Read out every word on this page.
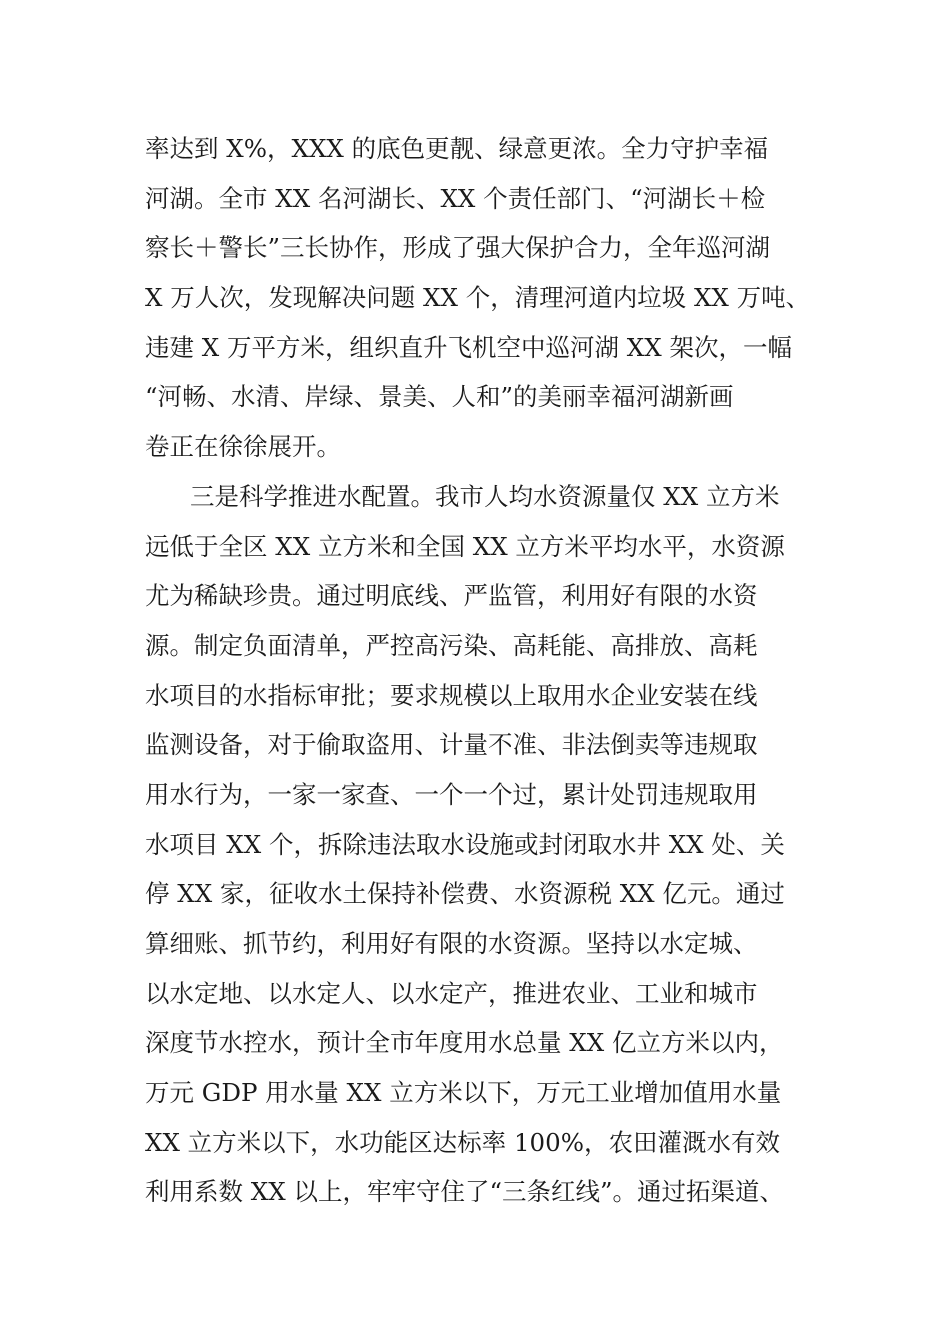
率达到 X%，XXX 的底色更靓、绿意更浓。全力守护幸福
河湖。全市 XX 名河湖长、XX 个责任部门、“河湖长＋检
察长＋警长”三长协作，形成了强大保护合力，全年巡河湖
X 万人次，发现解决问题 XX 个，清理河道内垃圾 XX 万吨、
违建 X 万平方米，组织直升飞机空中巡河湖 XX 架次，一幅
“河畅、水清、岸绿、景美、人和”的美丽幸福河湖新画
卷正在徐徐展开。
三是科学推进水配置。我市人均水资源量仅 XX 立方米
远低于全区 XX 立方米和全国 XX 立方米平均水平，水资源
尤为稀缺珍贵。通过明底线、严监管，利用好有限的水资
源。制定负面清单，严控高污染、高耗能、高排放、高耗
水项目的水指标审批；要求规模以上取用水企业安装在线
监测设备，对于偷取盗用、计量不准、非法倒卖等违规取
用水行为，一家一家查、一个一个过，累计处罚违规取用
水项目 XX 个，拆除违法取水设施或封闭取水井 XX 处、关
停 XX 家，征收水土保持补偿费、水资源税 XX 亿元。通过
算细账、抓节约，利用好有限的水资源。坚持以水定城、
以水定地、以水定人、以水定产，推进农业、工业和城市
深度节水控水，预计全市年度用水总量 XX 亿立方米以内，
万元 GDP 用水量 XX 立方米以下，万元工业增加值用水量
XX 立方米以下，水功能区达标率 100%，农田灌溉水有效
利用系数 XX 以上，牢牢守住了“三条红线”。通过拓渠道、
